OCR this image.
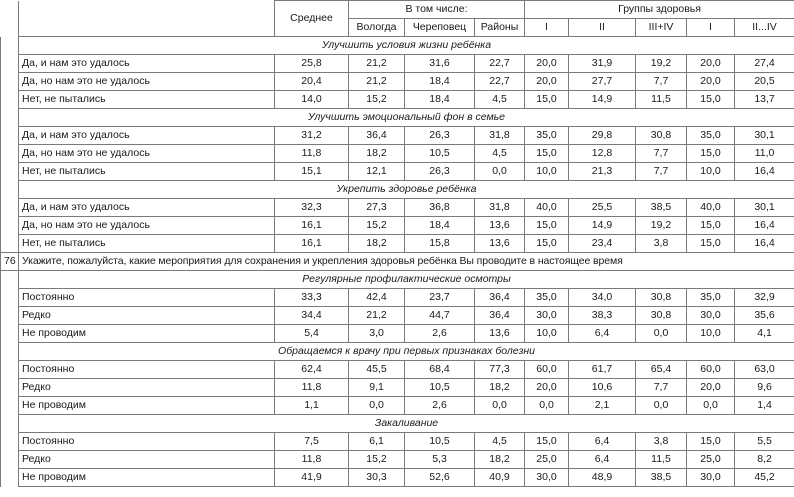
		Среднее	В том числе:			Группы здоровья				
			Вологда	Череповец	Районы	I	II	III+IV	I	II...IV
	Улучшить условия жизни ребёнка									
	Да, и нам это удалось	25,8	21,2	31,6	22,7	20,0	31,9	19,2	20,0	27,4
	Да, но нам это не удалось	20,4	21,2	18,4	22,7	20,0	27,7	7,7	20,0	20,5
	Нет, не пытались	14,0	15,2	18,4	4,5	15,0	14,9	11,5	15,0	13,7
	Улучшить эмоциональный фон в семье									
	Да, и нам это удалось	31,2	36,4	26,3	31,8	35,0	29,8	30,8	35,0	30,1
	Да, но нам это не удалось	11,8	18,2	10,5	4,5	15,0	12,8	7,7	15,0	11,0
	Нет, не пытались	15,1	12,1	26,3	0,0	10,0	21,3	7,7	10,0	16,4
	Укрепить здоровье ребёнка									
	Да, и нам это удалось	32,3	27,3	36,8	31,8	40,0	25,5	38,5	40,0	30,1
	Да, но нам это не удалось	16,1	15,2	18,4	13,6	15,0	14,9	19,2	15,0	16,4
	Нет, не пытались	16,1	18,2	15,8	13,6	15,0	23,4	3,8	15,0	16,4
76	Укажите, пожалуйста, какие мероприятия для сохранения и укрепления здоровья ребёнка Вы проводите в настоящее время									
	Регулярные профилактические осмотры									
	Постоянно	33,3	42,4	23,7	36,4	35,0	34,0	30,8	35,0	32,9
	Редко	34,4	21,2	44,7	36,4	30,0	38,3	30,8	30,0	35,6
	Не проводим	5,4	3,0	2,6	13,6	10,0	6,4	0,0	10,0	4,1
	Обращаемся к врачу при первых признаках болезни									
	Постоянно	62,4	45,5	68,4	77,3	60,0	61,7	65,4	60,0	63,0
	Редко	11,8	9,1	10,5	18,2	20,0	10,6	7,7	20,0	9,6
	Не проводим	1,1	0,0	2,6	0,0	0,0	2,1	0,0	0,0	1,4
	Закаливание									
	Постоянно	7,5	6,1	10,5	4,5	15,0	6,4	3,8	15,0	5,5
	Редко	11,8	15,2	5,3	18,2	25,0	6,4	11,5	25,0	8,2
	Не проводим	41,9	30,3	52,6	40,9	30,0	48,9	38,5	30,0	45,2
